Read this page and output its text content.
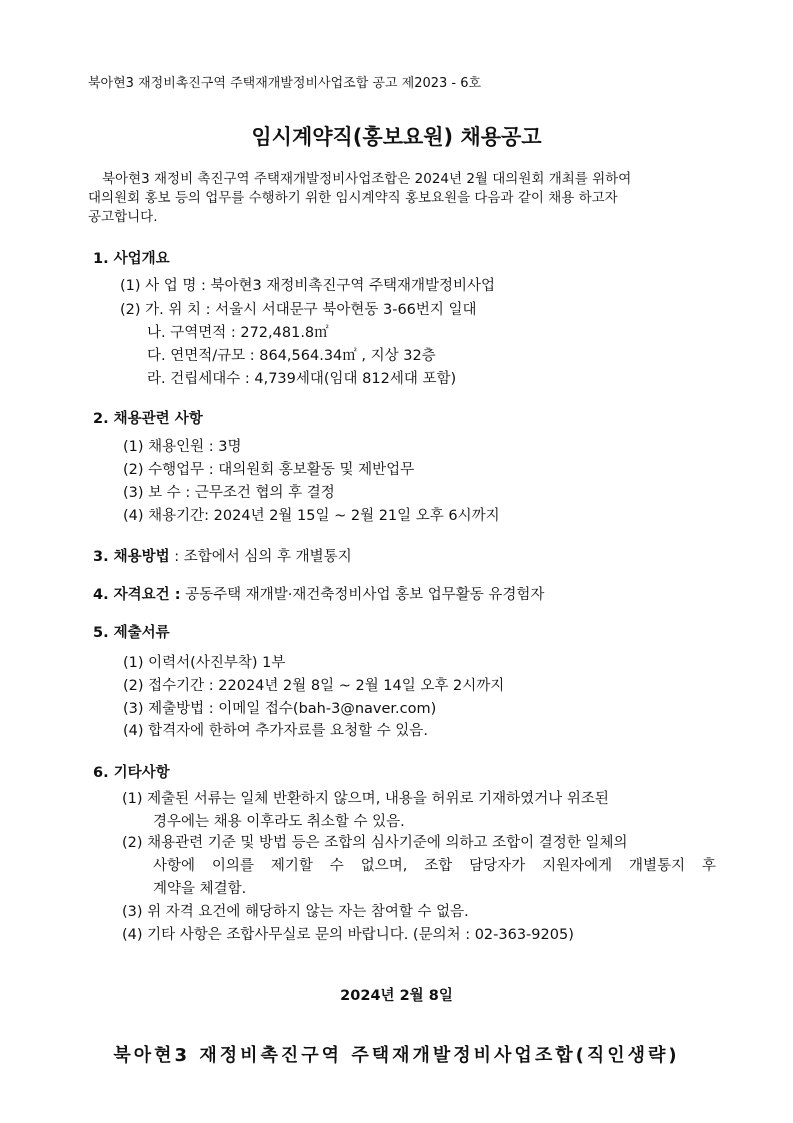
북아현3 재정비촉진구역 주택재개발정비사업조합 공고 제2023 - 6호
임시계약직(홍보요원) 채용공고

북아현3 재정비 촉진구역 주택재개발정비사업조합은 2024년 2월 대의원회 개최를 위하여

대의원회 홍보 등의 업무를 수행하기 위한 임시계약직 홍보요원을 다음과 같이 채용 하고자

공고합니다.

1. 사업개요
(1) 사 업 명 : 북아현3 재정비촉진구역 주택재개발정비사업
(2) 가. 위 치 : 서울시 서대문구 북아현동 3-66번지 일대
나. 구역면적 : 272,481.8㎡
다. 연면적/규모 : 864,564.34㎡ , 지상 32층
라. 건립세대수 : 4,739세대(임대 812세대 포함)
2. 채용관련 사항
(1) 채용인원 : 3명
(2) 수행업무 : 대의원회 홍보활동 및 제반업무
(3) 보 수 : 근무조건 협의 후 결정
(4) 채용기간: 2024년 2월 15일 ~ 2월 21일 오후 6시까지
3. 채용방법 : 조합에서 심의 후 개별통지
4. 자격요건 : 공동주택 재개발·재건축정비사업 홍보 업무활동 유경험자
5. 제출서류
(1) 이력서(사진부착) 1부
(2) 접수기간 : 22024년 2월 8일 ~ 2월 14일 오후 2시까지
(3) 제출방법 : 이메일 접수(bah-3@naver.com)
(4) 합격자에 한하여 추가자료를 요청할 수 있음.
6. 기타사항
(1) 제출된 서류는 일체 반환하지 않으며, 내용을 허위로 기재하였거나 위조된
경우에는 채용 이후라도 취소할 수 있음.
(2) 채용관련 기준 및 방법 등은 조합의 심사기준에 의하고 조합이 결정한 일체의
사항에 이의를 제기할 수 없으며, 조합 담당자가 지원자에게 개별통지 후
계약을 체결함.
(3) 위 자격 요건에 해당하지 않는 자는 참여할 수 없음.
(4) 기타 사항은 조합사무실로 문의 바랍니다. (문의처 : 02-363-9205)
2024년 2월 8일
북아현3 재정비촉진구역 주택재개발정비사업조합(직인생략)
